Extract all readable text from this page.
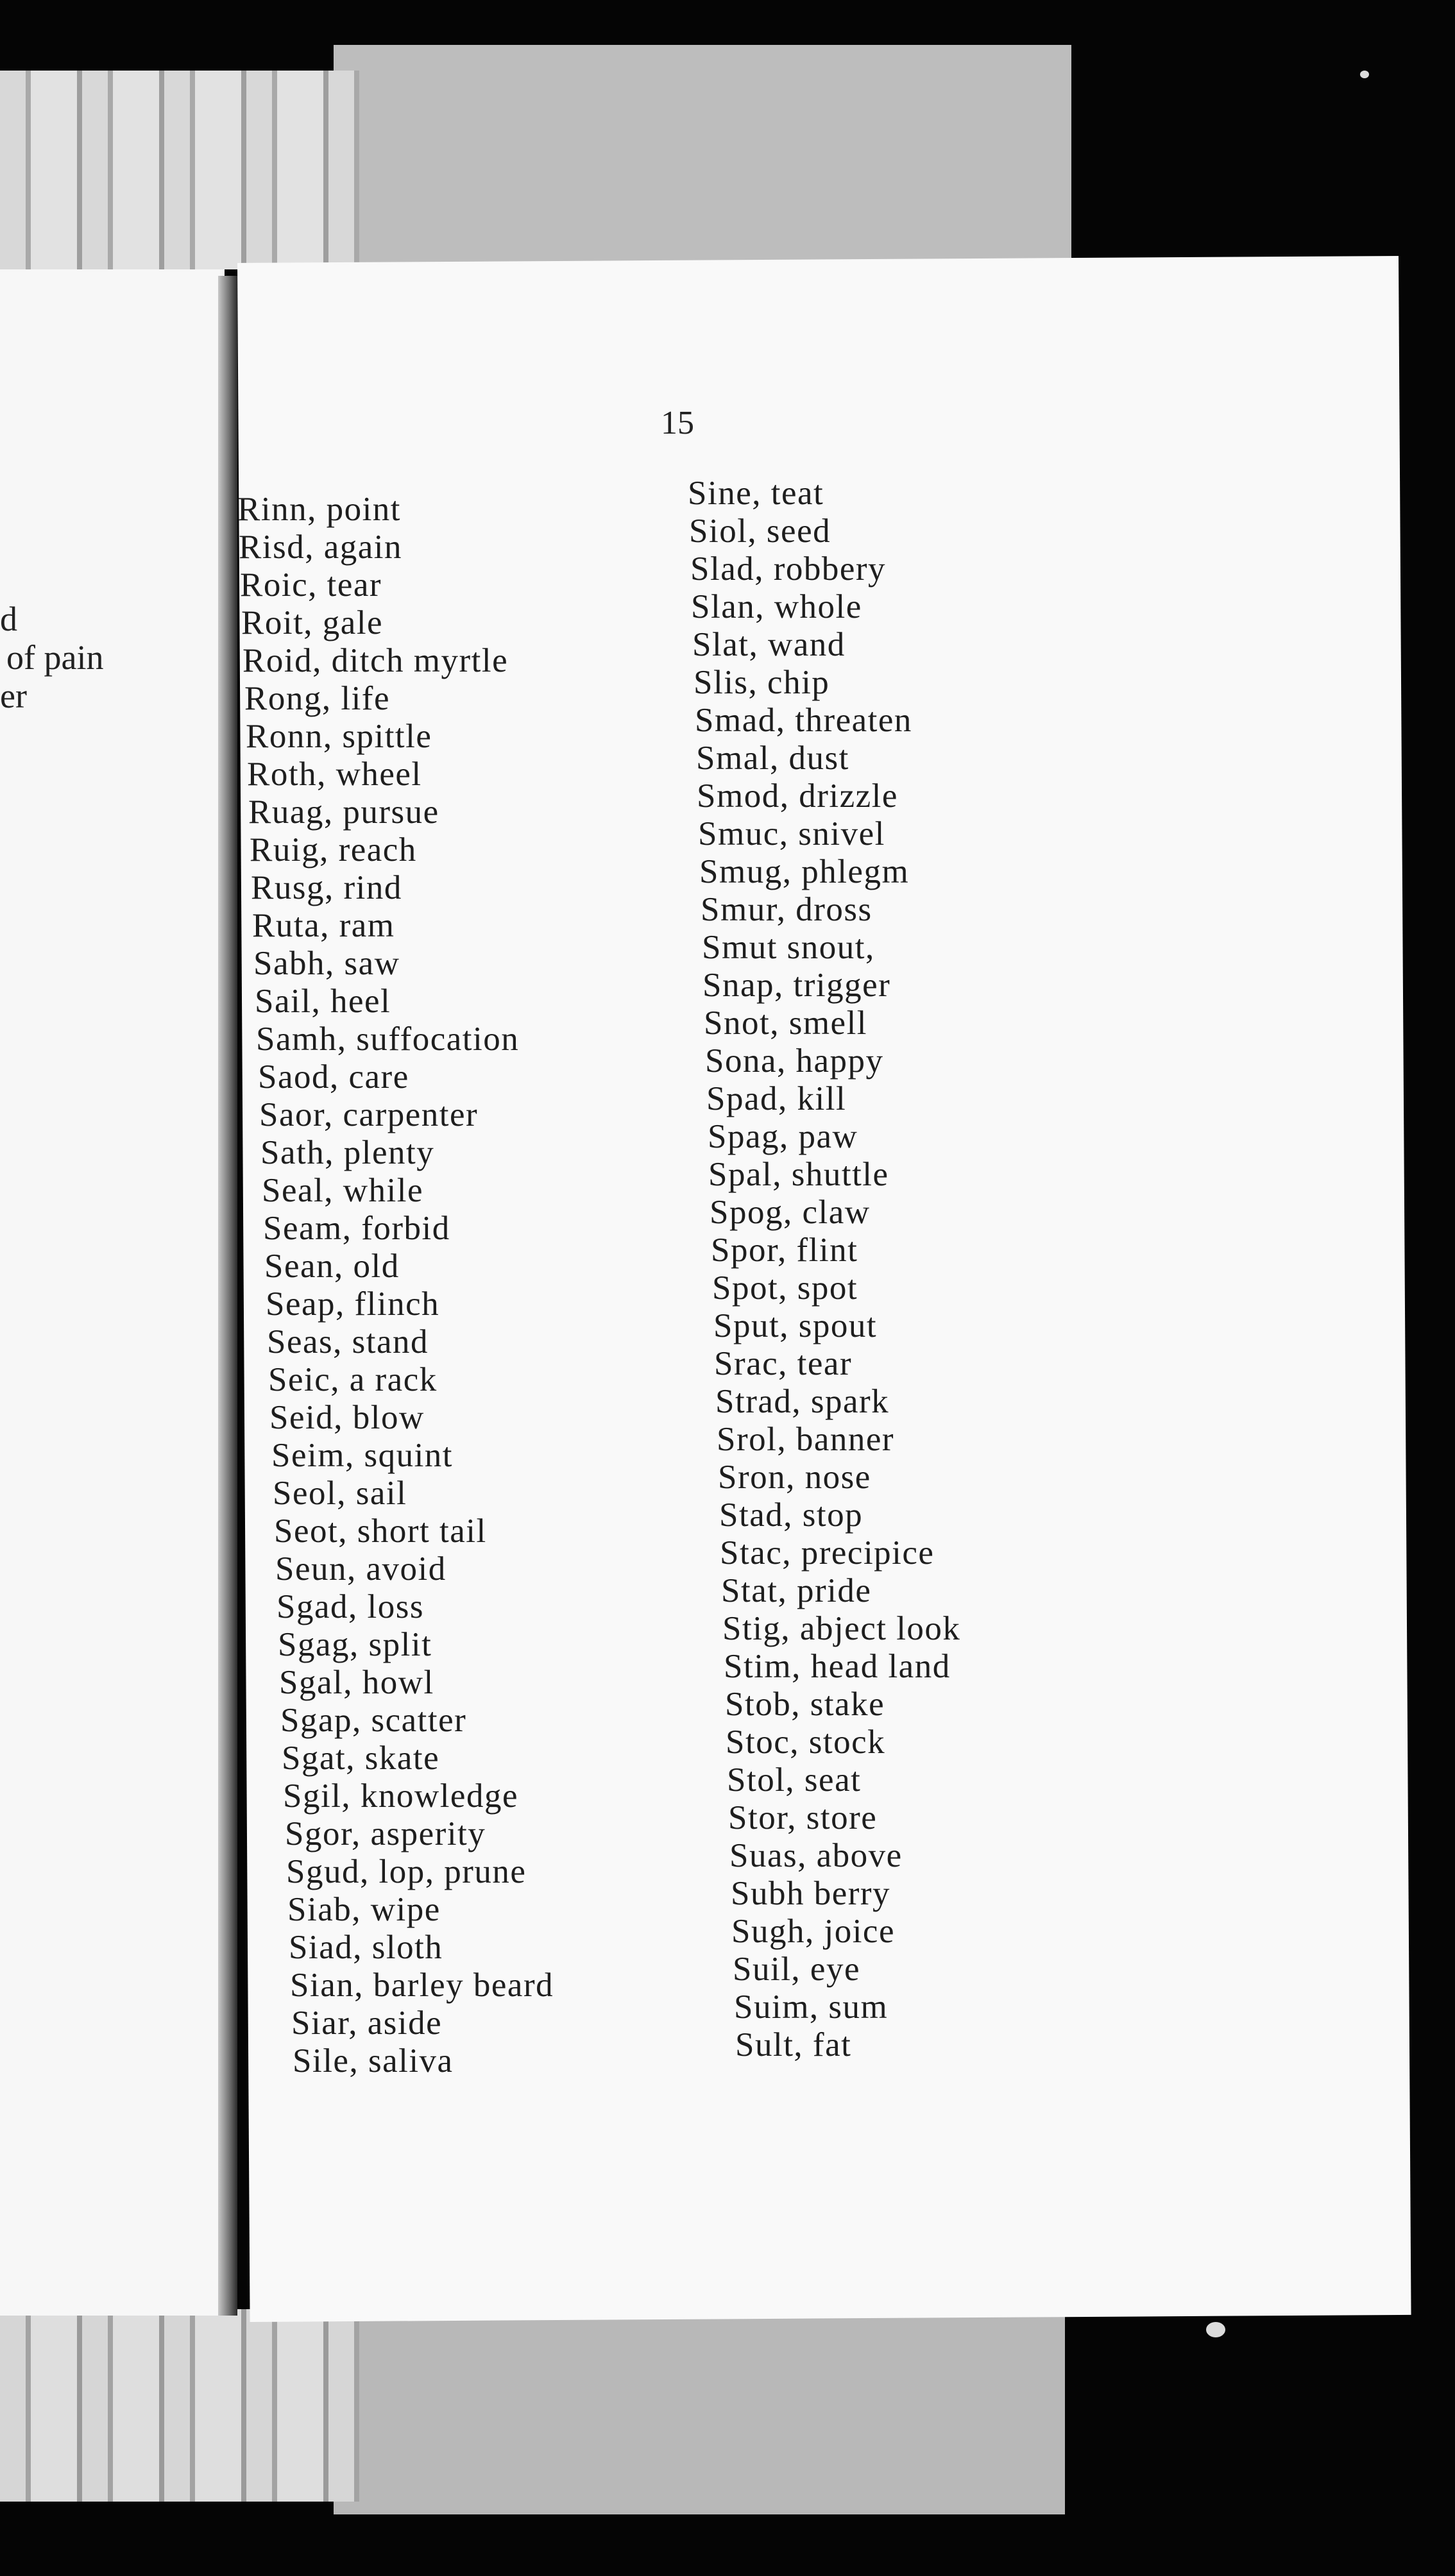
d
of pain
er
15
Rinn, point
Risd, again
Roic, tear
Roit, gale
Roid, ditch myrtle
Rong, life
Ronn, spittle
Roth, wheel
Ruag, pursue
Ruig, reach
Rusg, rind
Ruta, ram
Sabh, saw
Sail, heel
Samh, suffocation
Saod, care
Saor, carpenter
Sath, plenty
Seal, while
Seam, forbid
Sean, old
Seap, flinch
Seas, stand
Seic, a rack
Seid, blow
Seim, squint
Seol, sail
Seot, short tail
Seun, avoid
Sgad, loss
Sgag, split
Sgal, howl
Sgap, scatter
Sgat, skate
Sgil, knowledge
Sgor, asperity
Sgud, lop, prune
Siab, wipe
Siad, sloth
Sian, barley beard
Siar, aside
Sile, saliva
Sine, teat
Siol, seed
Slad, robbery
Slan, whole
Slat, wand
Slis, chip
Smad, threaten
Smal, dust
Smod, drizzle
Smuc, snivel
Smug, phlegm
Smur, dross
Smut snout,
Snap, trigger
Snot, smell
Sona, happy
Spad, kill
Spag, paw
Spal, shuttle
Spog, claw
Spor, flint
Spot, spot
Sput, spout
Srac, tear
Strad, spark
Srol, banner
Sron, nose
Stad, stop
Stac, precipice
Stat, pride
Stig, abject look
Stim, head land
Stob, stake
Stoc, stock
Stol, seat
Stor, store
Suas, above
Subh berry
Sugh, joice
Suil, eye
Suim, sum
Sult, fat
